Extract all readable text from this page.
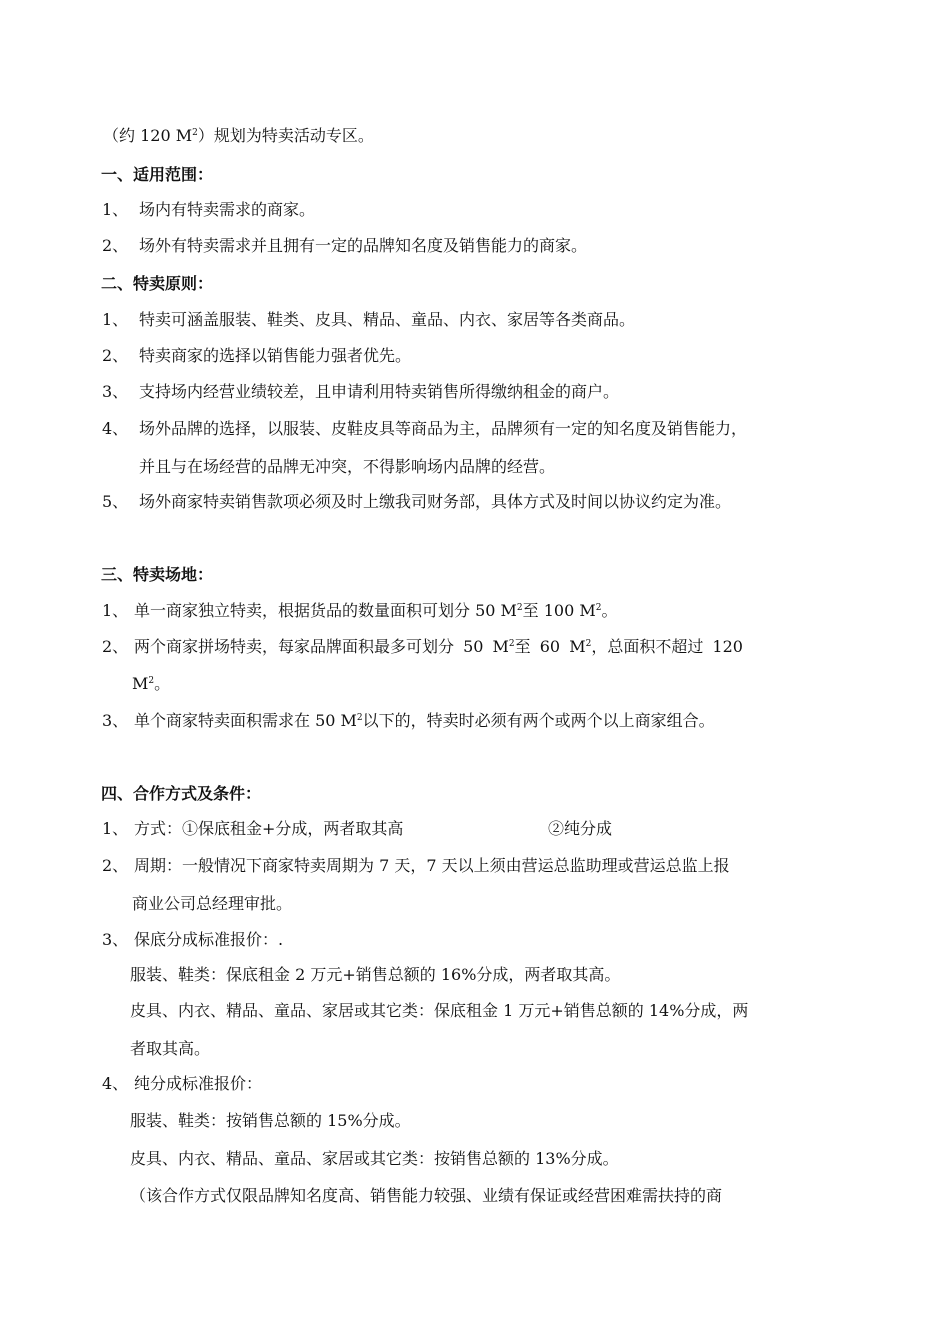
（约 120 $M^2$）规划为特卖活动专区。
一、适用范围：
1、 场内有特卖需求的商家。
2、 场外有特卖需求并且拥有一定的品牌知名度及销售能力的商家。
二、特卖原则：
1、 特卖可涵盖服装、鞋类、皮具、精品、童品、内衣、家居等各类商品。
2、 特卖商家的选择以销售能力强者优先。
3、 支持场内经营业绩较差，且申请利用特卖销售所得缴纳租金的商户。
4、 场外品牌的选择，以服装、皮鞋皮具等商品为主，品牌须有一定的知名度及销售能力，
并且与在场经营的品牌无冲突，不得影响场内品牌的经营。
5、 场外商家特卖销售款项必须及时上缴我司财务部，具体方式及时间以协议约定为准。
三、特卖场地：
1、 单一商家独立特卖，根据货品的数量面积可划分 50 $M^2$至 100 $M^2$。
2、 两个商家拼场特卖，每家品牌面积最多可划分 50 $M^2$至 60 $M^2$，总面积不超过 120
$M^2$。
3、 单个商家特卖面积需求在 50 $M^2$以下的，特卖时必须有两个或两个以上商家组合。
四、合作方式及条件：
1、 方式：①保底租金+分成，两者取其高	②纯分成
2、 周期：一般情况下商家特卖周期为 7 天，7 天以上须由营运总监助理或营运总监上报
商业公司总经理审批。
3、 保底分成标准报价：.
服装、鞋类：保底租金 2 万元+销售总额的 16%分成，两者取其高。
皮具、内衣、精品、童品、家居或其它类：保底租金 1 万元+销售总额的 14%分成，两
者取其高。
4、 纯分成标准报价：
服装、鞋类：按销售总额的 15%分成。
皮具、内衣、精品、童品、家居或其它类：按销售总额的 13%分成。
（该合作方式仅限品牌知名度高、销售能力较强、业绩有保证或经营困难需扶持的商
